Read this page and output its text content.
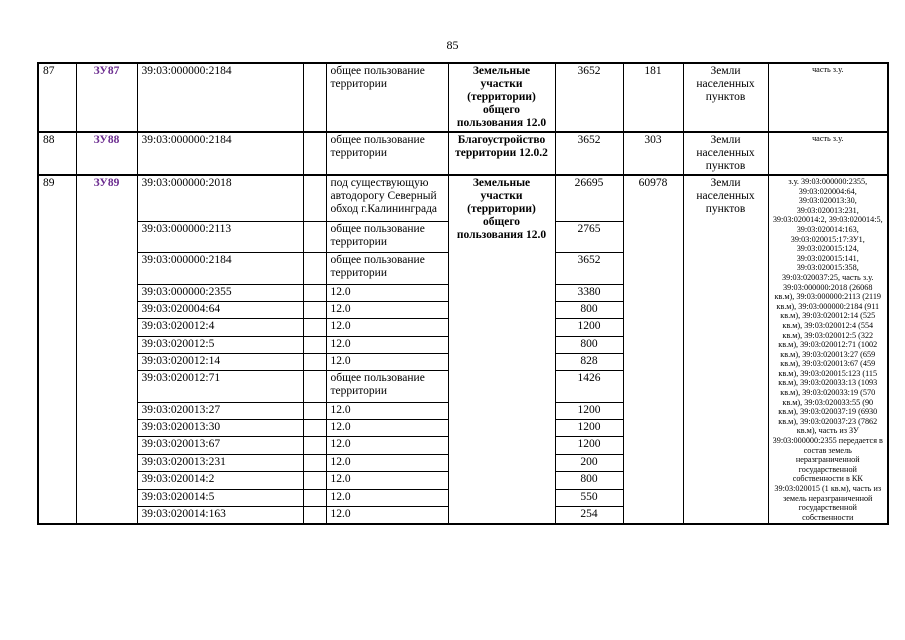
85
87	ЗУ87	39:03:000000:2184		общее пользование территории	Земельные участки (территории) общего пользования 12.0	3652	181	Земли населенных пунктов	часть з.у.
88	ЗУ88	39:03:000000:2184		общее пользование территории	Благоустройство территории 12.0.2	3652	303	Земли населенных пунктов	часть з.у.
89	ЗУ89	39:03:000000:2018		под существующую автодорогу Северный обход г.Калининграда	Земельные участки (территории) общего пользования 12.0	26695	60978	Земли населенных пунктов	з.у. 39:03:000000:2355, 39:03:020004:64, 39:03:020013:30, 39:03:020013:231, 39:03:020014:2, 39:03:020014:5, 39:03:020014:163, 39:03:020015:17:ЗУ1, 39:03:020015:124, 39:03:020015:141, 39:03:020015:358, 39:03:020037:25, часть з.у. 39:03:000000:2018 (26068 кв.м), 39:03:000000:2113 (2119 кв.м), 39:03:000000:2184 (911 кв.м), 39:03:020012:14 (525 кв.м), 39:03:020012:4 (554 кв.м), 39:03:020012:5 (322 кв.м), 39:03:020012:71 (1002 кв.м), 39:03:020013:27 (659 кв.м), 39:03:020013:67 (459 кв.м), 39:03:020015:123 (115 кв.м), 39:03:020033:13 (1093 кв.м), 39:03:020033:19 (570 кв.м), 39:03:020033:55 (90 кв.м), 39:03:020037:19 (6930 кв.м), 39:03:020037:23 (7862 кв.м), часть из ЗУ 39:03:000000:2355 передается в состав земель неразграниченной государственной собственности в КК 39:03:020015 (1 кв.м), часть из земель неразграниченной государственной собственности
		39:03:000000:2113		общее пользование территории		2765			
		39:03:000000:2184		общее пользование территории		3652			
		39:03:000000:2355		12.0		3380			
		39:03:020004:64		12.0		800			
		39:03:020012:4		12.0		1200			
		39:03:020012:5		12.0		800			
		39:03:020012:14		12.0		828			
		39:03:020012:71		общее пользование территории		1426			
		39:03:020013:27		12.0		1200			
		39:03:020013:30		12.0		1200			
		39:03:020013:67		12.0		1200			
		39:03:020013:231		12.0		200			
		39:03:020014:2		12.0		800			
		39:03:020014:5		12.0		550			
		39:03:020014:163		12.0		254			
